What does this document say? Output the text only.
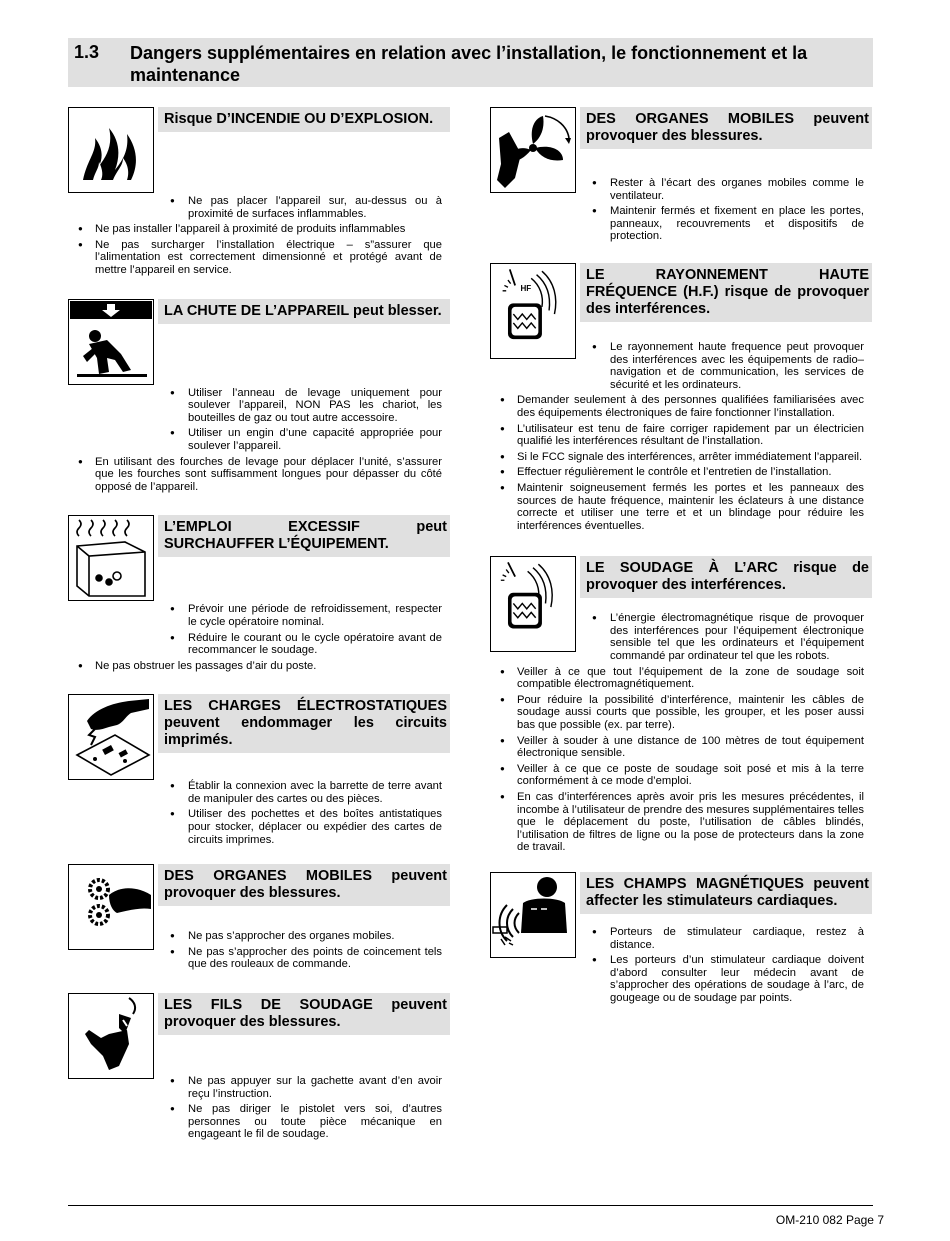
1.3 Dangers supplémentaires en relation avec l’installation, le fonctionnement et la maintenance
Risque D’INCENDIE OU D’EXPLOSION.
● Ne pas placer l’appareil sur, au-dessus ou à proximité de surfaces inflammables.
● Ne pas installer l’appareil à proximité de produits inflammables
● Ne pas surcharger l’installation électrique – s”assurer que l’alimentation est correctement dimensionné et protégé avant de mettre l’appareil en service.
LA CHUTE DE L’APPAREIL peut blesser.
● Utiliser l’anneau de levage uniquement pour soulever l’appareil, NON PAS les chariot, les bouteilles de gaz ou tout autre accessoire.
● Utiliser un engin d’une capacité appropriée pour soulever l’appareil.
● En utilisant des fourches de levage pour déplacer l’unité, s’assurer que les fourches sont suffisamment longues pour dépasser du côté opposé de l’appareil.
L’EMPLOI EXCESSIF peut SURCHAUFFER L’ÉQUIPEMENT.
● Prévoir une période de refroidissement, respecter le cycle opératoire nominal.
● Réduire le courant ou le cycle opératoire avant de recommancer le soudage.
● Ne pas obstruer les passages d’air du poste.
LES CHARGES ÉLECTROSTATIQUES peuvent endommager les circuits imprimés.
● Établir la connexion avec la barrette de terre avant de manipuler des cartes ou des pièces.
● Utiliser des pochettes et des boîtes antistatiques pour stocker, déplacer ou expédier des cartes de circuits imprimes.
DES ORGANES MOBILES peuvent provoquer des blessures.
● Ne pas s’approcher des organes mobiles.
● Ne pas s’approcher des points de coincement tels que des rouleaux de commande.
LES FILS DE SOUDAGE peuvent provoquer des blessures.
● Ne pas appuyer sur la gachette avant d’en avoir reçu l’instruction.
● Ne pas diriger le pistolet vers soi, d’autres personnes ou toute pièce mécanique en engageant le fil de soudage.
DES ORGANES MOBILES peuvent provoquer des blessures.
● Rester à l’écart des organes mobiles comme le ventilateur.
● Maintenir fermés et fixement en place les portes, panneaux, recouvrements et dispositifs de protection.
HF
LE RAYONNEMENT HAUTE FRÉQUENCE (H.F.) risque de provoquer des interférences.
● Le rayonnement haute frequence peut provoquer des interférences avec les équipements de radio–navigation et de communication, les services de sécurité et les ordinateurs.
● Demander seulement à des personnes qualifiées familiarisées avec des équipements électroniques de faire fonctionner l’installation.
● L’utilisateur est tenu de faire corriger rapidement par un électricien qualifié les interférences résultant de l’installation.
● Si le FCC signale des interférences, arrêter immédiatement l’appareil.
● Effectuer régulièrement le contrôle et l’entretien de l’installation.
● Maintenir soigneusement fermés les portes et les panneaux des sources de haute fréquence, maintenir les éclateurs à une distance correcte et utiliser une terre et et un blindage pour réduire les interférences éventuelles.
LE SOUDAGE À L’ARC risque de provoquer des interférences.
● L’énergie électromagnétique risque de provoquer des interférences pour l’équipement électronique sensible tel que les ordinateurs et l’équipement commandé par ordinateur tel que les robots.
● Veiller à ce que tout l’équipement de la zone de soudage soit compatible électromagnétiquement.
● Pour réduire la possibilité d’interférence, maintenir les câbles de soudage aussi courts que possible, les grouper, et les poser aussi bas que possible (ex. par terre).
● Veiller à souder à une distance de 100 mètres de tout équipement électronique sensible.
● Veiller à ce que ce poste de soudage soit posé et mis à la terre conformément à ce mode d’emploi.
● En cas d’interférences après avoir pris les mesures précédentes, il incombe à l’utilisateur de prendre des mesures supplémentaires telles que le déplacement du poste, l’utilisation de câbles blindés, l’utilisation de filtres de ligne ou la pose de protecteurs dans la zone de travail.
LES CHAMPS MAGNÉTIQUES peuvent affecter les stimulateurs cardiaques.
● Porteurs de stimulateur cardiaque, restez à distance.
● Les porteurs d’un stimulateur cardiaque doivent d’abord consulter leur médecin avant de s’approcher des opérations de soudage à l’arc, de gougeage ou de soudage par points.
OM-210 082 Page 7
